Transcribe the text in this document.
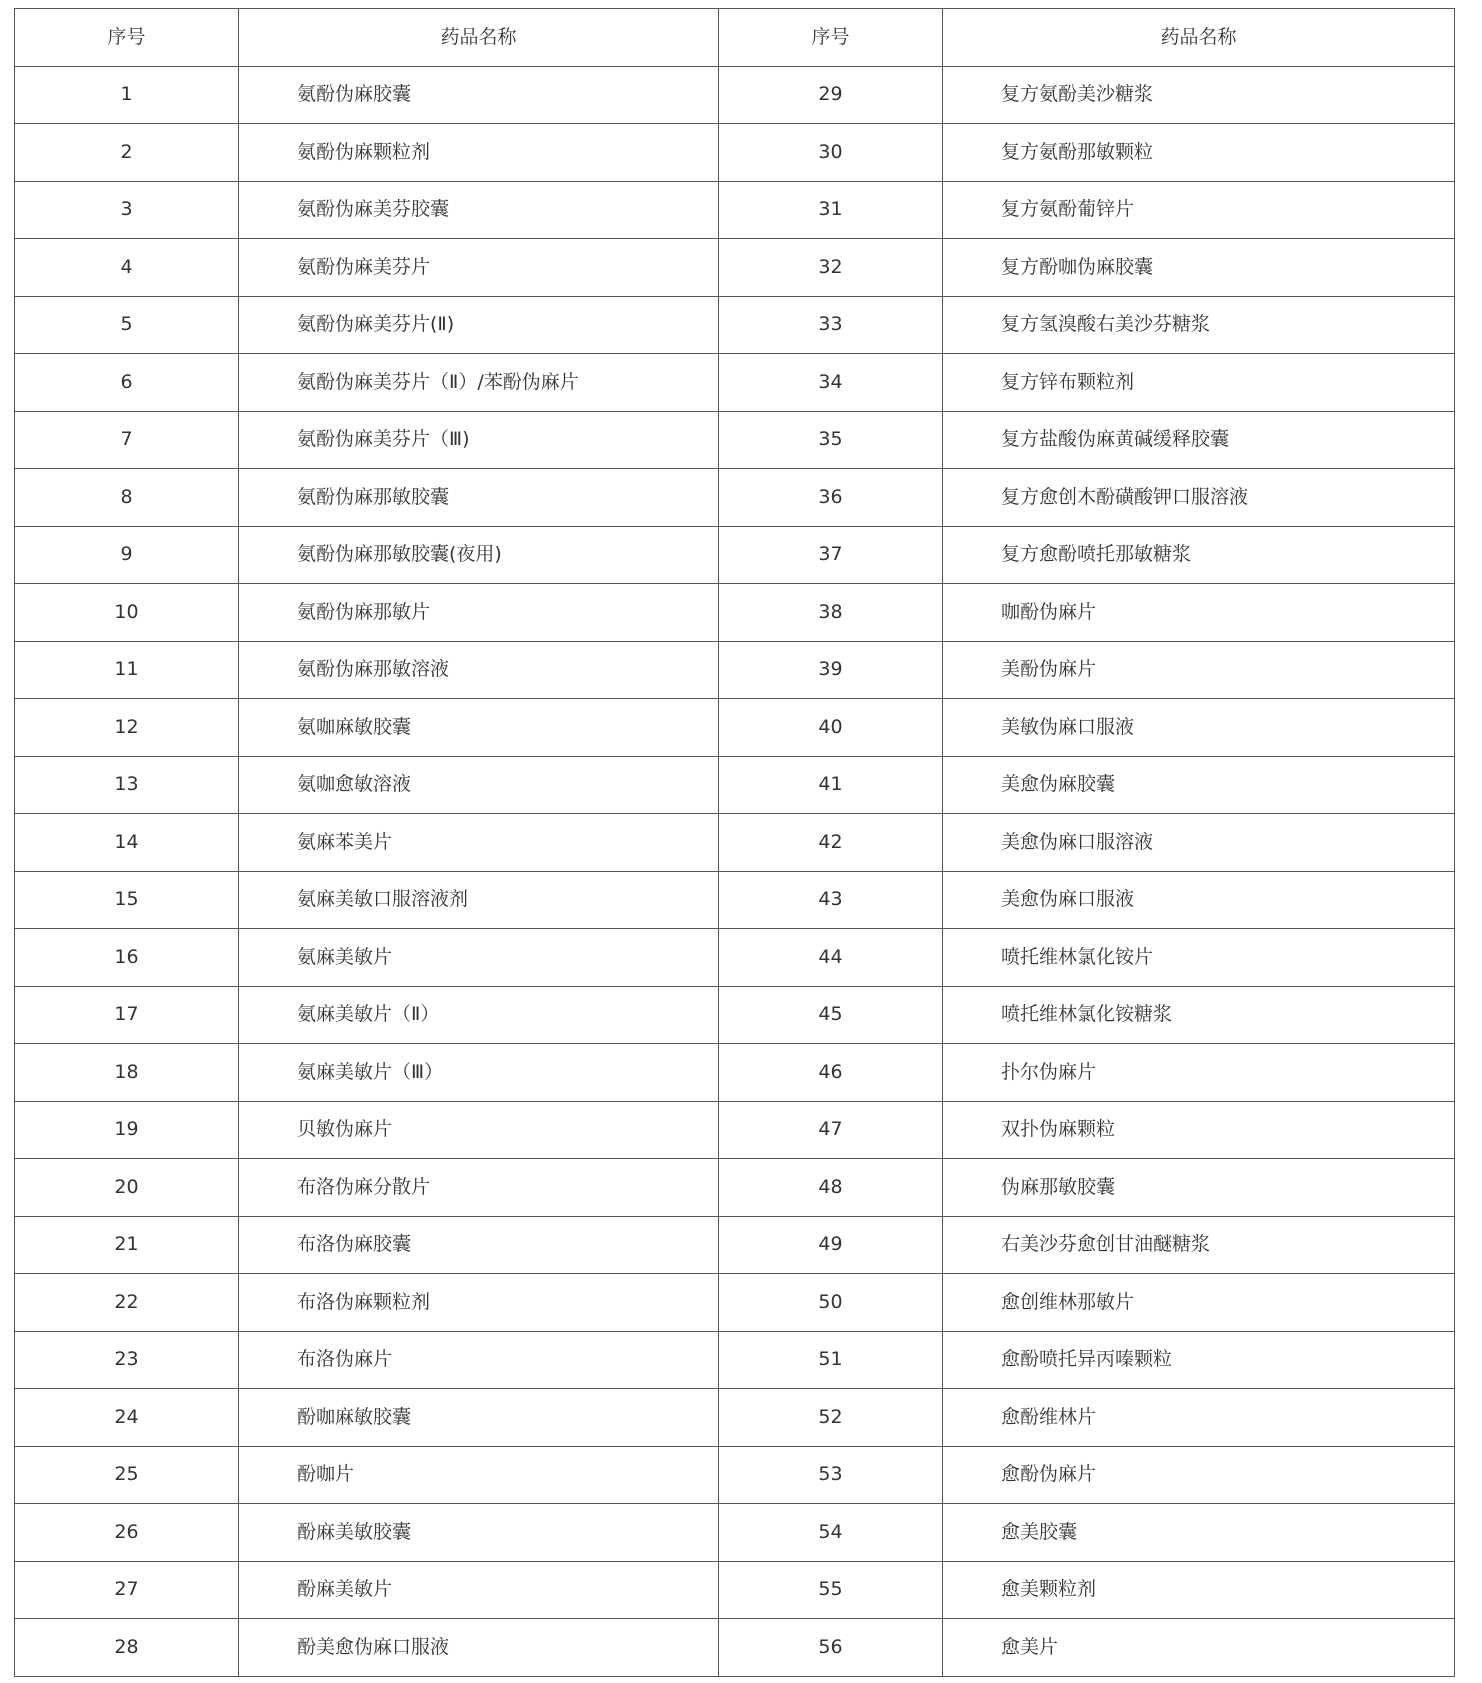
序号	药品名称	序号	药品名称
1	氨酚伪麻胶囊	29	复方氨酚美沙糖浆
2	氨酚伪麻颗粒剂	30	复方氨酚那敏颗粒
3	氨酚伪麻美芬胶囊	31	复方氨酚葡锌片
4	氨酚伪麻美芬片	32	复方酚咖伪麻胶囊
5	氨酚伪麻美芬片(Ⅱ)	33	复方氢溴酸右美沙芬糖浆
6	氨酚伪麻美芬片（Ⅱ）/苯酚伪麻片	34	复方锌布颗粒剂
7	氨酚伪麻美芬片（Ⅲ)	35	复方盐酸伪麻黄碱缓释胶囊
8	氨酚伪麻那敏胶囊	36	复方愈创木酚磺酸钾口服溶液
9	氨酚伪麻那敏胶囊(夜用)	37	复方愈酚喷托那敏糖浆
10	氨酚伪麻那敏片	38	咖酚伪麻片
11	氨酚伪麻那敏溶液	39	美酚伪麻片
12	氨咖麻敏胶囊	40	美敏伪麻口服液
13	氨咖愈敏溶液	41	美愈伪麻胶囊
14	氨麻苯美片	42	美愈伪麻口服溶液
15	氨麻美敏口服溶液剂	43	美愈伪麻口服液
16	氨麻美敏片	44	喷托维林氯化铵片
17	氨麻美敏片（Ⅱ）	45	喷托维林氯化铵糖浆
18	氨麻美敏片（Ⅲ）	46	扑尔伪麻片
19	贝敏伪麻片	47	双扑伪麻颗粒
20	布洛伪麻分散片	48	伪麻那敏胶囊
21	布洛伪麻胶囊	49	右美沙芬愈创甘油醚糖浆
22	布洛伪麻颗粒剂	50	愈创维林那敏片
23	布洛伪麻片	51	愈酚喷托异丙嗪颗粒
24	酚咖麻敏胶囊	52	愈酚维林片
25	酚咖片	53	愈酚伪麻片
26	酚麻美敏胶囊	54	愈美胶囊
27	酚麻美敏片	55	愈美颗粒剂
28	酚美愈伪麻口服液	56	愈美片
